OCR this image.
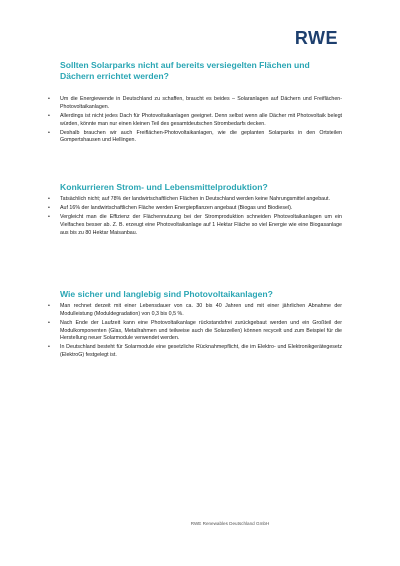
RWE
Sollten Solarparks nicht auf bereits versiegelten Flächen und Dächern errichtet werden?
• Um die Energiewende in Deutschland zu schaffen, braucht es beides – Solaranlagen auf Dächern und Freiflächen-Photovoltaikanlagen.
• Allerdings ist nicht jedes Dach für Photovoltaikanlagen geeignet. Denn selbst wenn alle Dächer mit Photovoltaik belegt würden, könnte man nur einen kleinen Teil des gesamtdeutschen Strombedarfs decken.
• Deshalb brauchen wir auch Freiflächen-Photovoltaikanlagen, wie die geplanten Solarparks in den Ortsteilen Gompertshausen und Hellingen.
Konkurrieren Strom- und Lebensmittelproduktion?
• Tatsächlich nicht; auf 78% der landwirtschaftlichen Flächen in Deutschland werden keine Nahrungsmittel angebaut.
• Auf 16% der landwirtschaftlichen Fläche werden Energiepflanzen angebaut (Biogas und Biodiesel).
• Vergleicht man die Effizienz der Flächennutzung bei der Stromproduktion schneiden Photovoltaikanlagen um ein Vielfaches besser ab. Z. B. erzeugt eine Photovoltaikanlage auf 1 Hektar Fläche so viel Energie wie eine Biogasanlage aus bis zu 80 Hektar Maisanbau.
Wie sicher und langlebig sind Photovoltaikanlagen?
• Man rechnet derzeit mit einer Lebensdauer von ca. 30 bis 40 Jahren und mit einer jährlichen Abnahme der Modulleistung (Moduldegradation) von 0,3 bis 0,5 %.
• Nach Ende der Laufzeit kann eine Photovoltaikanlage rückstandsfrei zurückgebaut werden und ein Großteil der Modulkomponenten (Glas, Metallrahmen und teilweise auch die Solarzellen) können recycelt und zum Beispiel für die Herstellung neuer Solarmodule verwendet werden.
• In Deutschland besteht für Solarmodule eine gesetzliche Rücknahmepflicht, die im Elektro- und Elektronikgerätegesetz (ElektroG) festgelegt ist.
RWE Renewables Deutschland GmbH
